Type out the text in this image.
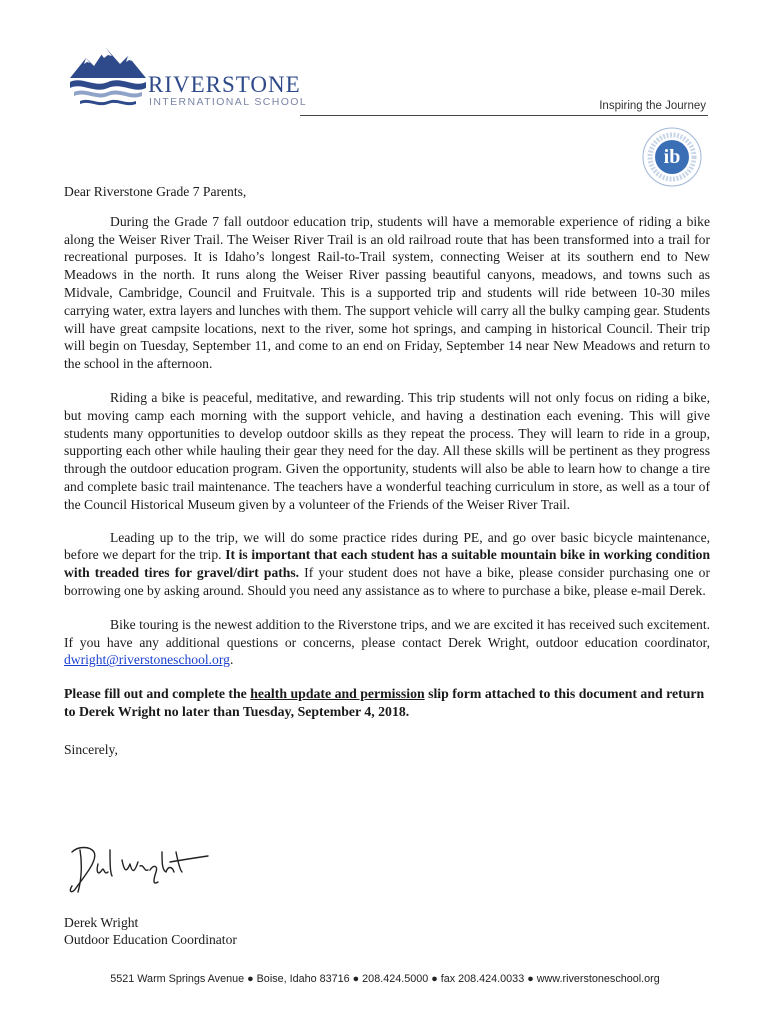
RIVERSTONE
INTERNATIONAL SCHOOL	Inspiring the Journey
ib

Dear Riverstone Grade 7 Parents,

During the Grade 7 fall outdoor education trip, students will have a memorable experience of riding a bike along the Weiser River Trail. The Weiser River Trail is an old railroad route that has been transformed into a trail for recreational purposes. It is Idaho’s longest Rail-to-Trail system, connecting Weiser at its southern end to New Meadows in the north. It runs along the Weiser River passing beautiful canyons, meadows, and towns such as Midvale, Cambridge, Council and Fruitvale. This is a supported trip and students will ride between 10-30 miles carrying water, extra layers and lunches with them. The support vehicle will carry all the bulky camping gear. Students will have great campsite locations, next to the river, some hot springs, and camping in historical Council. Their trip will begin on Tuesday, September 11, and come to an end on Friday, September 14 near New Meadows and return to the school in the afternoon.

Riding a bike is peaceful, meditative, and rewarding. This trip students will not only focus on riding a bike, but moving camp each morning with the support vehicle, and having a destination each evening. This will give students many opportunities to develop outdoor skills as they repeat the process. They will learn to ride in a group, supporting each other while hauling their gear they need for the day. All these skills will be pertinent as they progress through the outdoor education program. Given the opportunity, students will also be able to learn how to change a tire and complete basic trail maintenance. The teachers have a wonderful teaching curriculum in store, as well as a tour of the Council Historical Museum given by a volunteer of the Friends of the Weiser River Trail.

Leading up to the trip, we will do some practice rides during PE, and go over basic bicycle maintenance, before we depart for the trip. It is important that each student has a suitable mountain bike in working condition with treaded tires for gravel/dirt paths. If your student does not have a bike, please consider purchasing one or borrowing one by asking around. Should you need any assistance as to where to purchase a bike, please e-mail Derek.

Bike touring is the newest addition to the Riverstone trips, and we are excited it has received such excitement. If you have any additional questions or concerns, please contact Derek Wright, outdoor education coordinator, dwright@riverstoneschool.org.

Please fill out and complete the health update and permission slip form attached to this document and return to Derek Wright no later than Tuesday, September 4, 2018.

Sincerely,

Derek Wright
Outdoor Education Coordinator
5521 Warm Springs Avenue ● Boise, Idaho 83716 ● 208.424.5000 ● fax 208.424.0033 ● www.riverstoneschool.org
